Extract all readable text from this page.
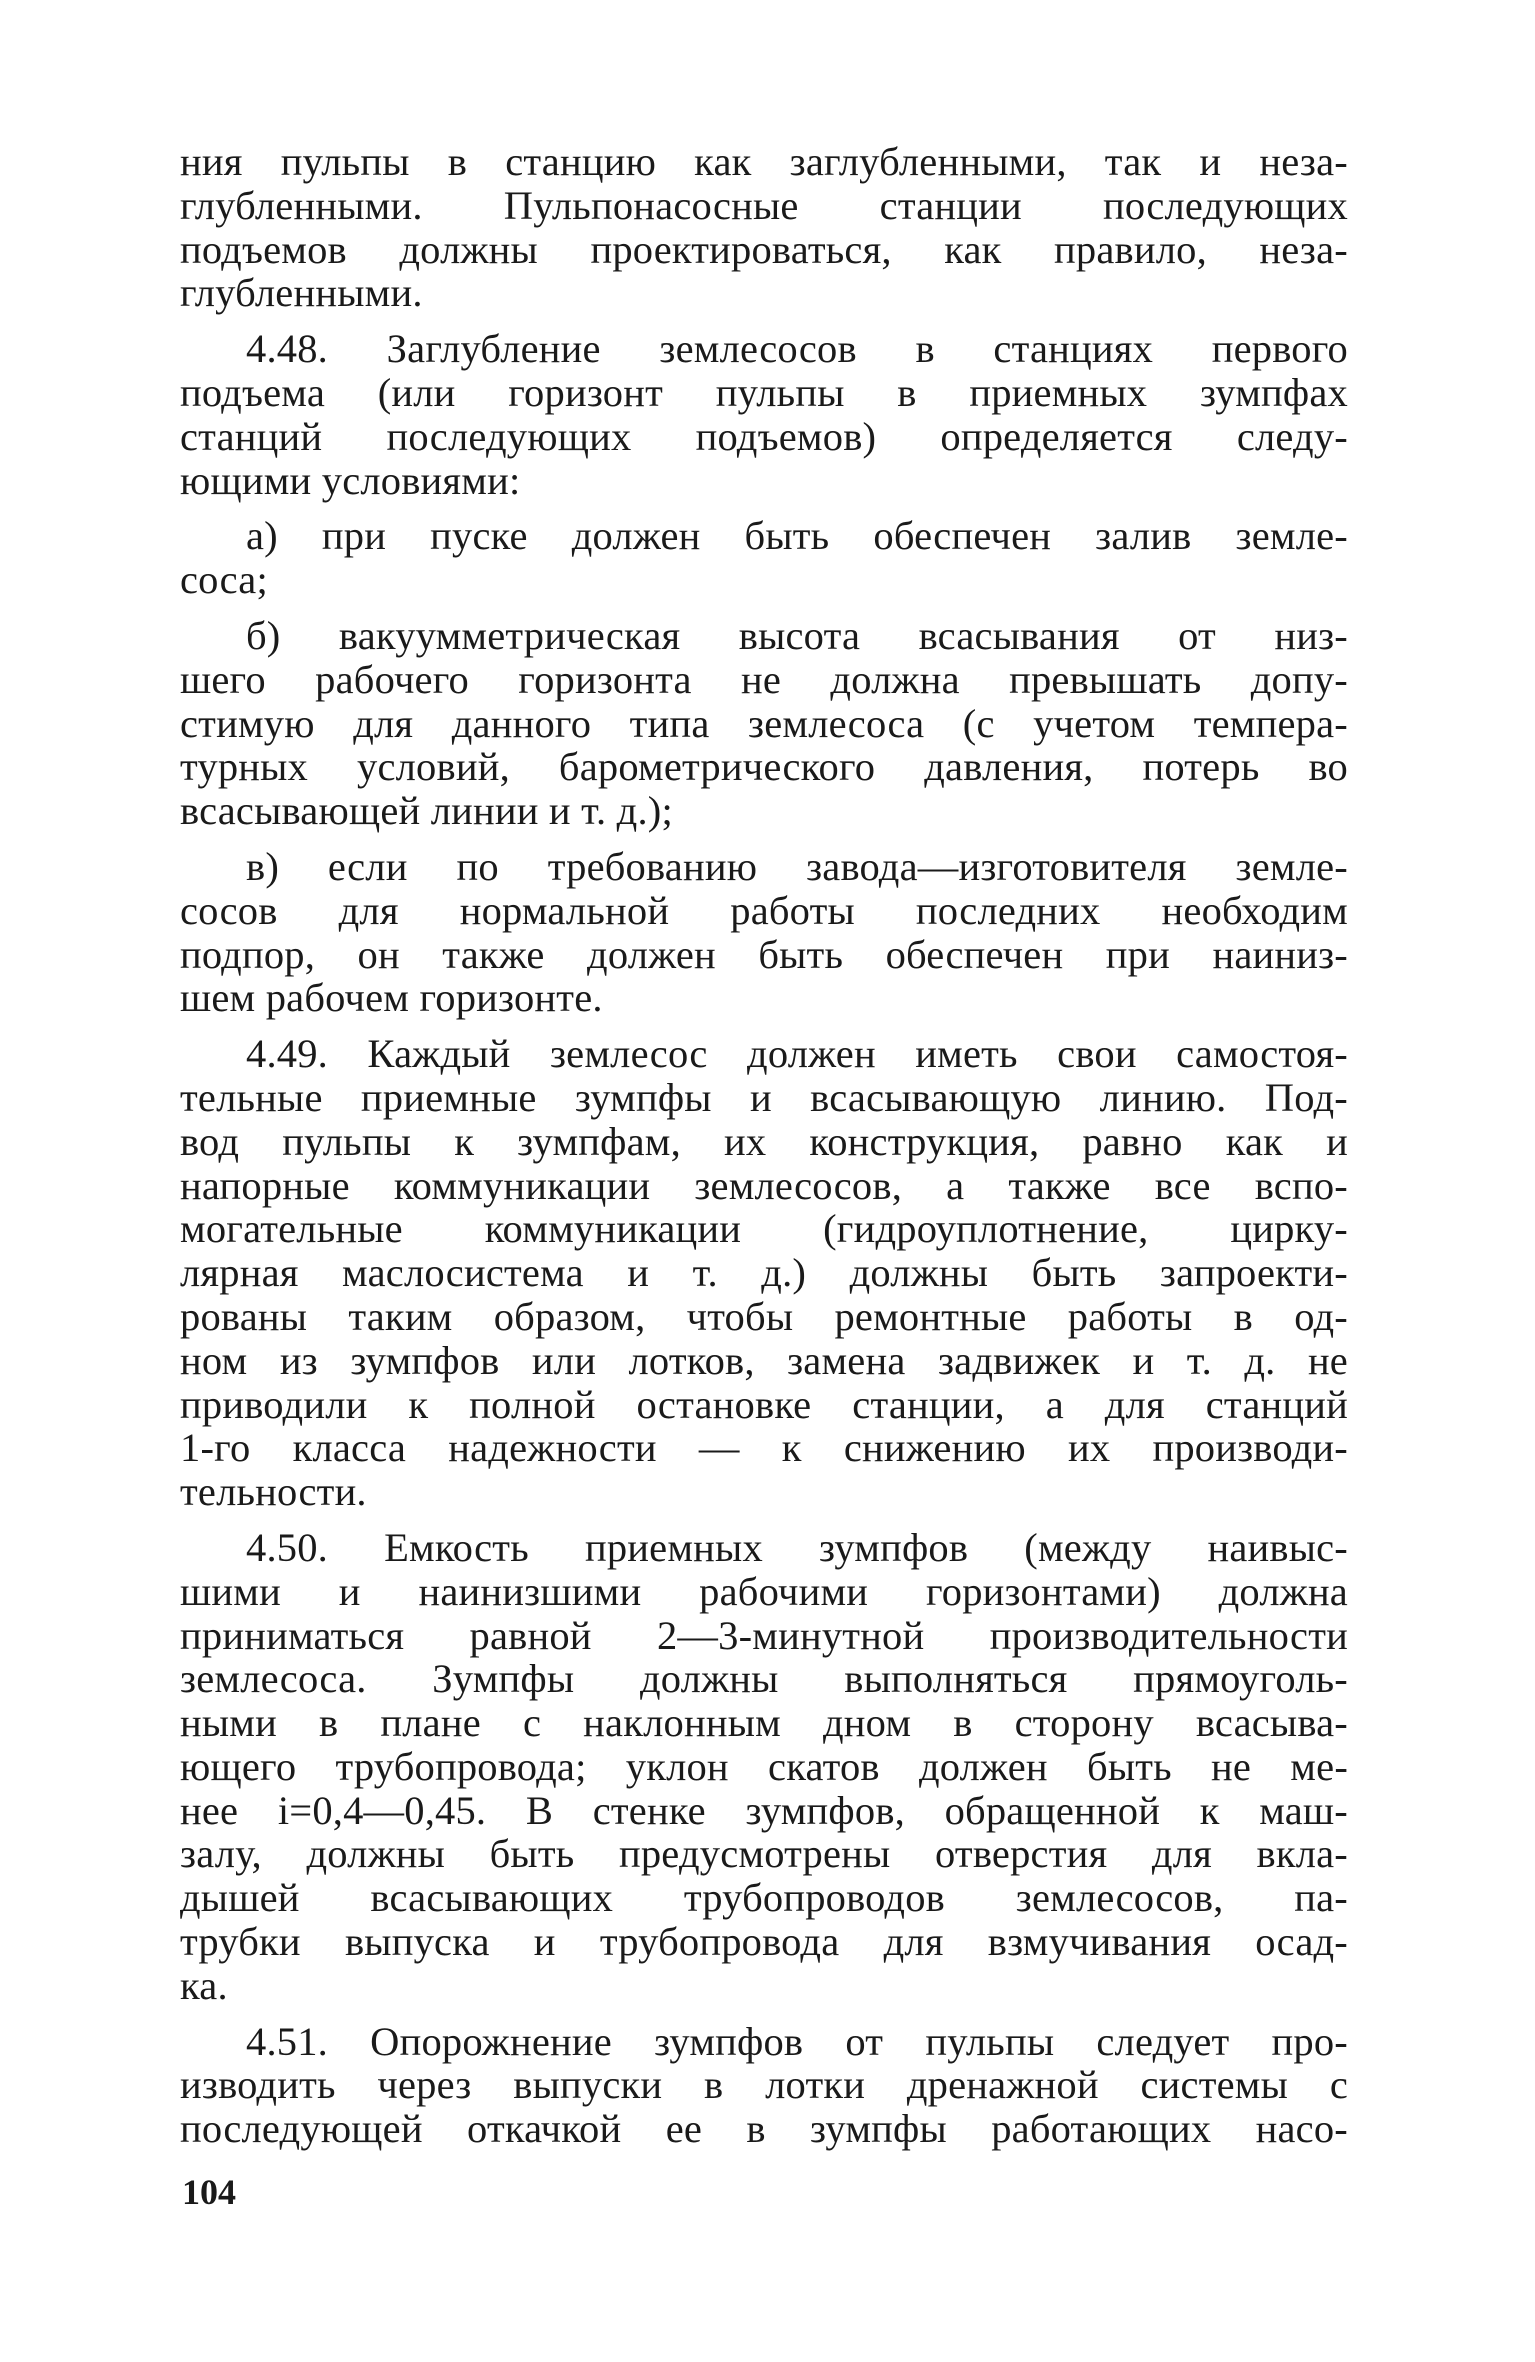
ния пульпы в станцию как заглубленными, так и неза-
глубленными. Пульпонасосные станции последующих
подъемов должны проектироваться, как правило, неза-
глубленными.
4.48. Заглубление землесосов в станциях первого
подъема (или горизонт пульпы в приемных зумпфах
станций последующих подъемов) определяется следу-
ющими условиями:
а) при пуске должен быть обеспечен залив земле-
соса;
б) вакуумметрическая высота всасывания от низ-
шего рабочего горизонта не должна превышать допу-
стимую для данного типа землесоса (с учетом темпера-
турных условий, барометрического давления, потерь во
всасывающей линии и т. д.);
в) если по требованию завода—изготовителя земле-
сосов для нормальной работы последних необходим
подпор, он также должен быть обеспечен при наиниз-
шем рабочем горизонте.
4.49. Каждый землесос должен иметь свои самостоя-
тельные приемные зумпфы и всасывающую линию. Под-
вод пульпы к зумпфам, их конструкция, равно как и
напорные коммуникации землесосов, а также все вспо-
могательные коммуникации (гидроуплотнение, цирку-
лярная маслосистема и т. д.) должны быть запроекти-
рованы таким образом, чтобы ремонтные работы в од-
ном из зумпфов или лотков, замена задвижек и т. д. не
приводили к полной остановке станции, а для станций
1-го класса надежности — к снижению их производи-
тельности.
4.50. Емкость приемных зумпфов (между наивыс-
шими и наинизшими рабочими горизонтами) должна
приниматься равной 2—3-минутной производительности
землесоса. Зумпфы должны выполняться прямоуголь-
ными в плане с наклонным дном в сторону всасыва-
ющего трубопровода; уклон скатов должен быть не ме-
нее i=0,4—0,45. В стенке зумпфов, обращенной к маш-
залу, должны быть предусмотрены отверстия для вкла-
дышей всасывающих трубопроводов землесосов, па-
трубки выпуска и трубопровода для взмучивания осад-
ка.
4.51. Опорожнение зумпфов от пульпы следует про-
изводить через выпуски в лотки дренажной системы с
последующей откачкой ее в зумпфы работающих насо-
104
